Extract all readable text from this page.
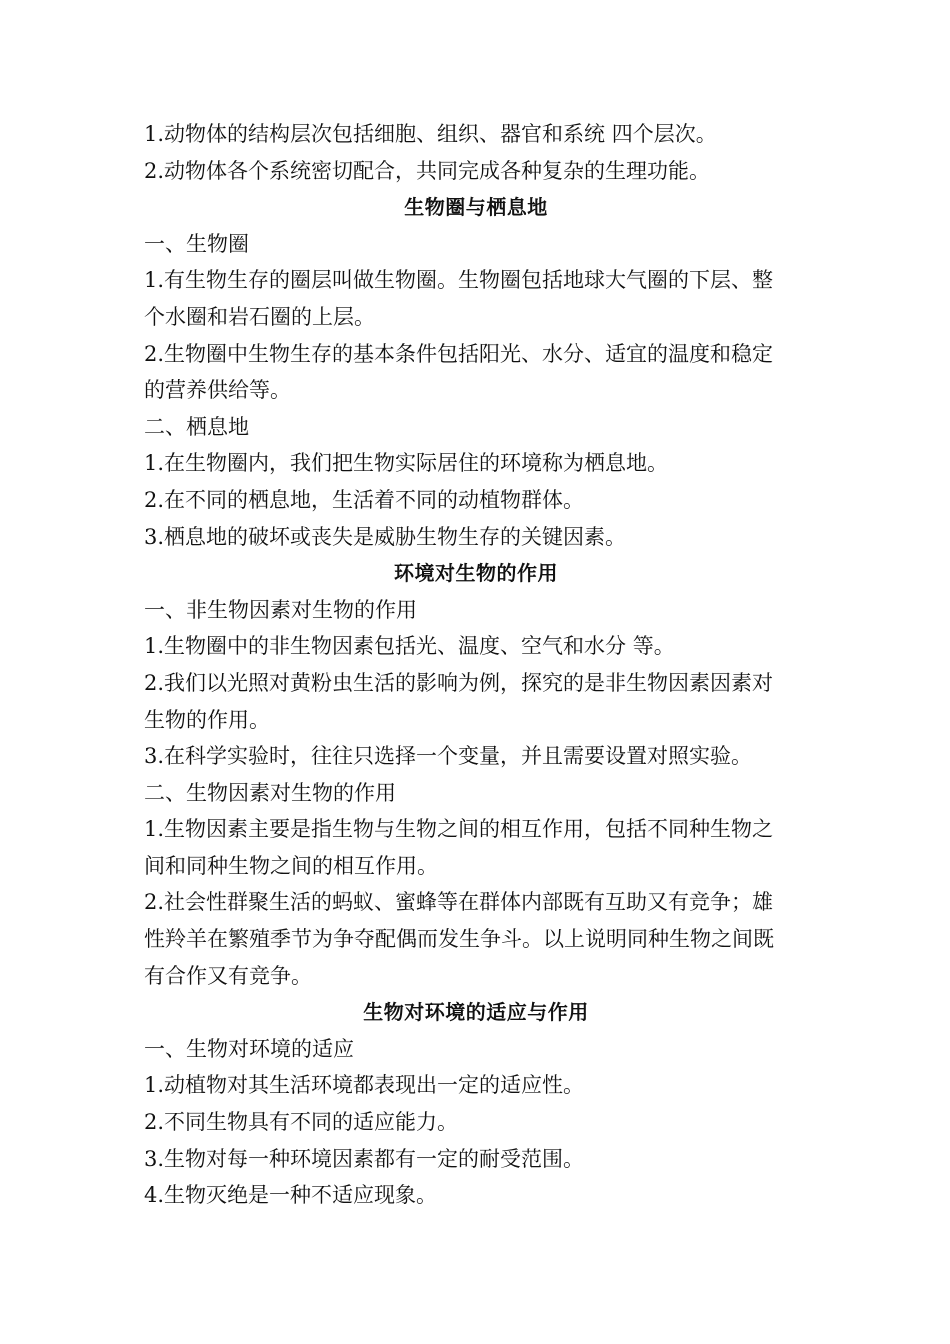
1.动物体的结构层次包括细胞、组织、器官和系统 四个层次。
2.动物体各个系统密切配合，共同完成各种复杂的生理功能。
生物圈与栖息地
一、生物圈
1.有生物生存的圈层叫做生物圈。生物圈包括地球大气圈的下层、整
个水圈和岩石圈的上层。
2.生物圈中生物生存的基本条件包括阳光、水分、适宜的温度和稳定
的营养供给等。
二、栖息地
1.在生物圈内，我们把生物实际居住的环境称为栖息地。
2.在不同的栖息地，生活着不同的动植物群体。
3.栖息地的破坏或丧失是威胁生物生存的关键因素。
环境对生物的作用
一、非生物因素对生物的作用
1.生物圈中的非生物因素包括光、温度、空气和水分 等。
2.我们以光照对黄粉虫生活的影响为例，探究的是非生物因素因素对
生物的作用。
3.在科学实验时，往往只选择一个变量，并且需要设置对照实验。
二、生物因素对生物的作用
1.生物因素主要是指生物与生物之间的相互作用，包括不同种生物之
间和同种生物之间的相互作用。
2.社会性群聚生活的蚂蚁、蜜蜂等在群体内部既有互助又有竞争；雄
性羚羊在繁殖季节为争夺配偶而发生争斗。以上说明同种生物之间既
有合作又有竞争。
生物对环境的适应与作用
一、生物对环境的适应
1.动植物对其生活环境都表现出一定的适应性。
2.不同生物具有不同的适应能力。
3.生物对每一种环境因素都有一定的耐受范围。
4.生物灭绝是一种不适应现象。
